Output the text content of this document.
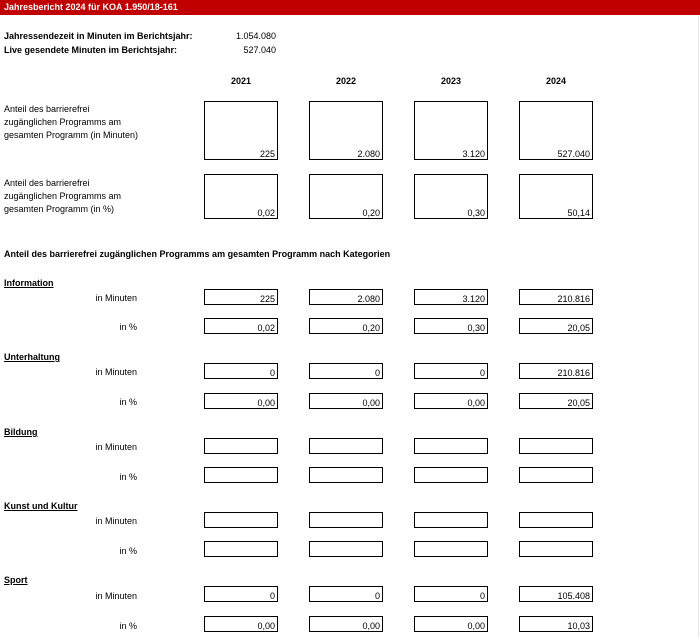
Jahresbericht 2024 für KOA 1.950/18-161
Jahressendezeit in Minuten im Berichtsjahr:	1.054.080
Live gesendete Minuten im Berichtsjahr:	527.040
2021	2022	2023	2024
Anteil des barrierefrei zugänglichen Programms am gesamten Programm (in Minuten)
225	2.080	3.120	527.040
Anteil des barrierefrei zugänglichen Programms am gesamten Programm (in %)	0,02	0,20	0,30	50,14
Anteil des barrierefrei zugänglichen Programms am gesamten Programm nach Kategorien
Information
in Minuten	225	2.080	3.120	210.816
in %	0,02	0,20	0,30	20,05
Unterhaltung
in Minuten	0	0	0	210.816
in %	0,00	0,00	0,00	20,05
Bildung
in Minuten
in %
Kunst und Kultur
in Minuten
in %
Sport
in Minuten	0	0	0	105.408
in %	0,00	0,00	0,00	10,03
